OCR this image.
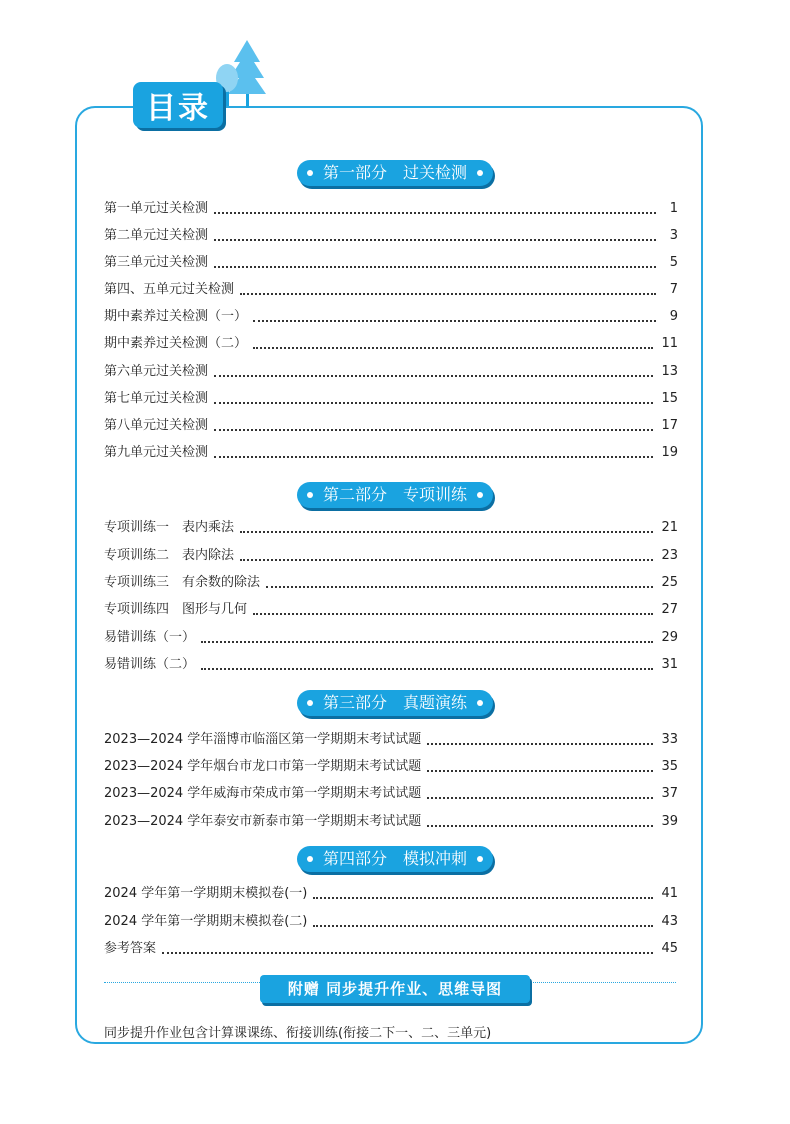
目录
第一部分　过关检测
第一单元过关检测	1
第二单元过关检测	3
第三单元过关检测	5
第四、五单元过关检测	7
期中素养过关检测（一）	9
期中素养过关检测（二）	11
第六单元过关检测	13
第七单元过关检测	15
第八单元过关检测	17
第九单元过关检测	19
第二部分　专项训练
专项训练一　表内乘法	21
专项训练二　表内除法	23
专项训练三　有余数的除法	25
专项训练四　图形与几何	27
易错训练（一）	29
易错训练（二）	31
第三部分　真题演练
2023—2024 学年淄博市临淄区第一学期期末考试试题	33
2023—2024 学年烟台市龙口市第一学期期末考试试题	35
2023—2024 学年威海市荣成市第一学期期末考试试题	37
2023—2024 学年泰安市新泰市第一学期期末考试试题	39
第四部分　模拟冲刺
2024 学年第一学期期末模拟卷(一)	41
2024 学年第一学期期末模拟卷(二)	43
参考答案	45
附赠 同步提升作业、思维导图
同步提升作业包含计算课课练、衔接训练(衔接二下一、二、三单元)
